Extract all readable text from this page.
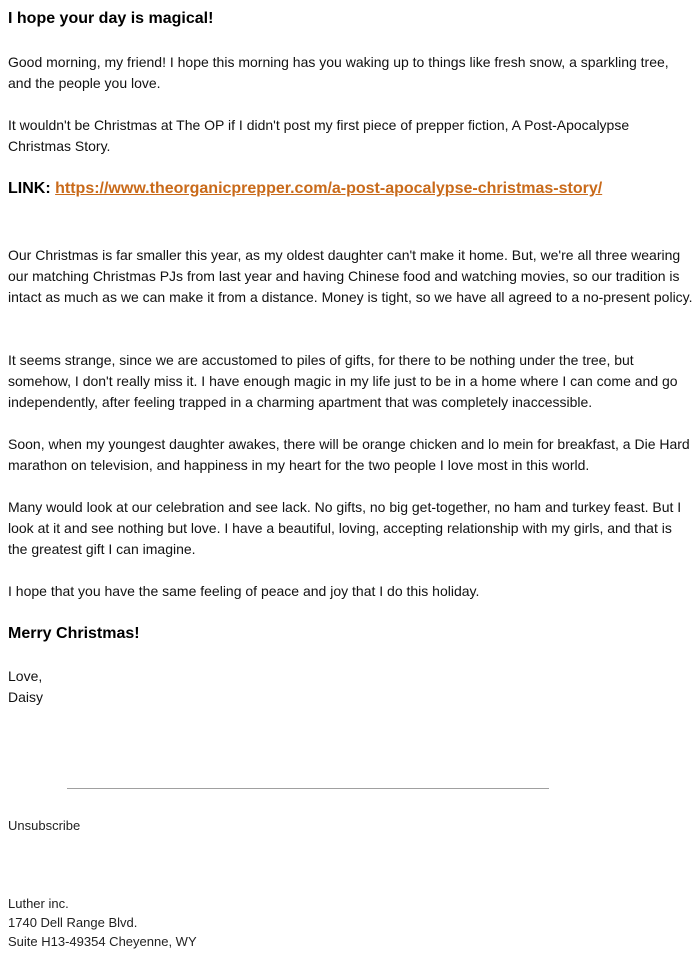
I hope your day is magical!

Good morning, my friend! I hope this morning has you waking up to things like fresh snow, a sparkling tree, and the people you love.

It wouldn't be Christmas at The OP if I didn't post my first piece of prepper fiction, A Post-Apocalypse Christmas Story.

LINK: https://www.theorganicprepper.com/a-post-apocalypse-christmas-story/

Our Christmas is far smaller this year, as my oldest daughter can't make it home. But, we're all three wearing our matching Christmas PJs from last year and having Chinese food and watching movies, so our tradition is intact as much as we can make it from a distance. Money is tight, so we have all agreed to a no-present policy.

It seems strange, since we are accustomed to piles of gifts, for there to be nothing under the tree, but somehow, I don't really miss it. I have enough magic in my life just to be in a home where I can come and go independently, after feeling trapped in a charming apartment that was completely inaccessible.

Soon, when my youngest daughter awakes, there will be orange chicken and lo mein for breakfast, a Die Hard marathon on television, and happiness in my heart for the two people I love most in this world.

Many would look at our celebration and see lack. No gifts, no big get-together, no ham and turkey feast. But I look at it and see nothing but love. I have a beautiful, loving, accepting relationship with my girls, and that is the greatest gift I can imagine.

I hope that you have the same feeling of peace and joy that I do this holiday.

Merry Christmas!
Love,
Daisy
Unsubscribe
Luther inc.
1740 Dell Range Blvd.
Suite H13-49354 Cheyenne, WY
